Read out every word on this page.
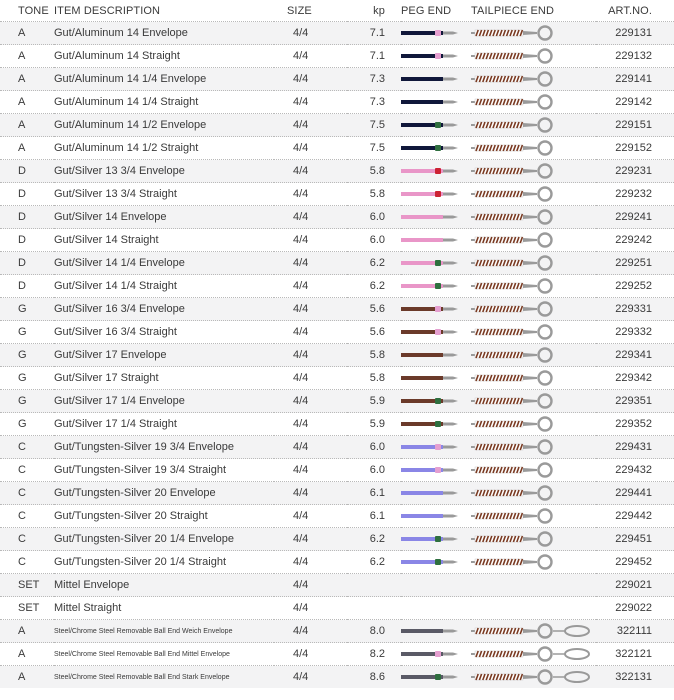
TONE	ITEM DESCRIPTION	SIZE	kp	PEG END	TAILPIECE END	ART.NO.
A	Gut/Aluminum 14 Envelope	4/4	7.1			229131
A	Gut/Aluminum 14 Straight	4/4	7.1			229132
A	Gut/Aluminum 14 1/4 Envelope	4/4	7.3			229141
A	Gut/Aluminum 14 1/4 Straight	4/4	7.3			229142
A	Gut/Aluminum 14 1/2 Envelope	4/4	7.5			229151
A	Gut/Aluminum 14 1/2 Straight	4/4	7.5			229152
D	Gut/Silver 13 3/4 Envelope	4/4	5.8			229231
D	Gut/Silver 13 3/4 Straight	4/4	5.8			229232
D	Gut/Silver 14 Envelope	4/4	6.0			229241
D	Gut/Silver 14 Straight	4/4	6.0			229242
D	Gut/Silver 14 1/4 Envelope	4/4	6.2			229251
D	Gut/Silver 14 1/4 Straight	4/4	6.2			229252
G	Gut/Silver 16 3/4 Envelope	4/4	5.6			229331
G	Gut/Silver 16 3/4 Straight	4/4	5.6			229332
G	Gut/Silver 17 Envelope	4/4	5.8			229341
G	Gut/Silver 17 Straight	4/4	5.8			229342
G	Gut/Silver 17 1/4 Envelope	4/4	5.9			229351
G	Gut/Silver 17 1/4 Straight	4/4	5.9			229352
C	Gut/Tungsten-Silver 19 3/4 Envelope	4/4	6.0			229431
C	Gut/Tungsten-Silver 19 3/4 Straight	4/4	6.0			229432
C	Gut/Tungsten-Silver 20 Envelope	4/4	6.1			229441
C	Gut/Tungsten-Silver 20 Straight	4/4	6.1			229442
C	Gut/Tungsten-Silver 20 1/4 Envelope	4/4	6.2			229451
C	Gut/Tungsten-Silver 20 1/4 Straight	4/4	6.2			229452
SET	Mittel Envelope	4/4				229021
SET	Mittel Straight	4/4				229022
A	Steel/Chrome Steel Removable Ball End Weich Envelope	4/4	8.0			322111
A	Steel/Chrome Steel Removable Ball End Mittel Envelope	4/4	8.2			322121
A	Steel/Chrome Steel Removable Ball End Stark Envelope	4/4	8.6			322131
